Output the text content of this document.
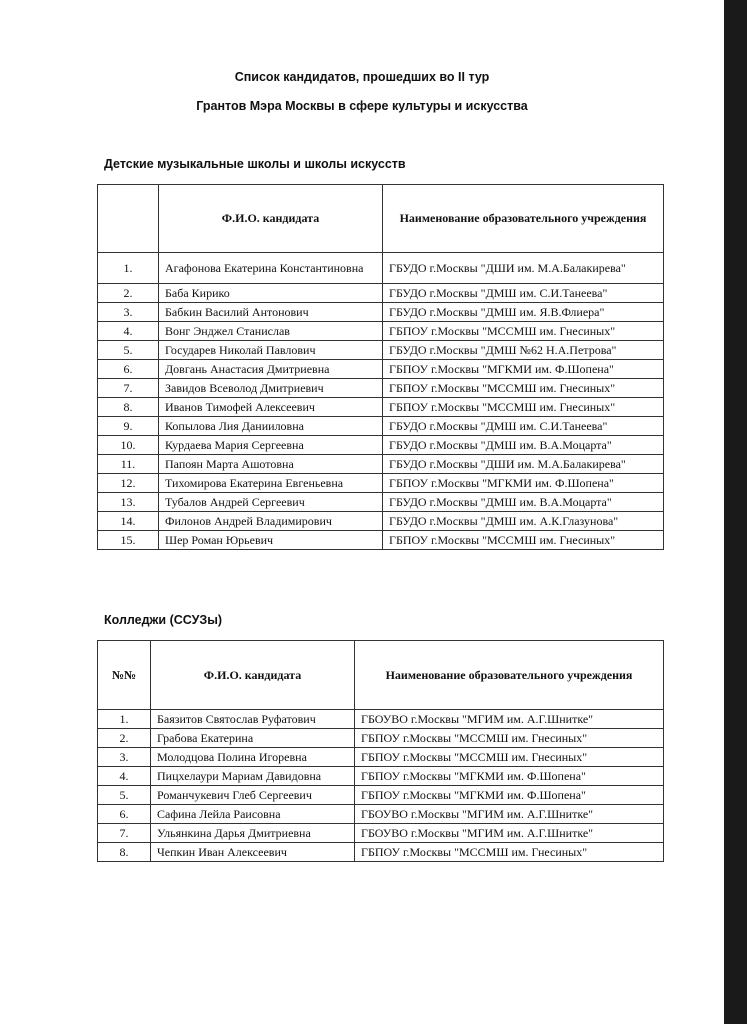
Список кандидатов, прошедших во II тур
Грантов Мэра Москвы в сфере культуры и искусства
Детские музыкальные школы и школы искусств
	Ф.И.О. кандидата	Наименование образовательного учреждения
1.	Агафонова Екатерина Константиновна	ГБУДО г.Москвы "ДШИ им. М.А.Балакирева"
2.	Баба Кирико	ГБУДО г.Москвы "ДМШ им. С.И.Танеева"
3.	Бабкин Василий Антонович	ГБУДО г.Москвы "ДМШ им. Я.В.Флиера"
4.	Вонг Энджел Станислав	ГБПОУ г.Москвы "МССМШ им. Гнесиных"
5.	Государев Николай Павлович	ГБУДО г.Москвы "ДМШ №62 Н.А.Петрова"
6.	Довгань Анастасия Дмитриевна	ГБПОУ г.Москвы "МГКМИ им. Ф.Шопена"
7.	Завидов Всеволод Дмитриевич	ГБПОУ г.Москвы "МССМШ им. Гнесиных"
8.	Иванов Тимофей Алексеевич	ГБПОУ г.Москвы "МССМШ им. Гнесиных"
9.	Копылова Лия Данииловна	ГБУДО г.Москвы "ДМШ им. С.И.Танеева"
10.	Курдаева Мария Сергеевна	ГБУДО г.Москвы "ДМШ им. В.А.Моцарта"
11.	Папоян Марта Ашотовна	ГБУДО г.Москвы "ДШИ им. М.А.Балакирева"
12.	Тихомирова Екатерина Евгеньевна	ГБПОУ г.Москвы "МГКМИ им. Ф.Шопена"
13.	Тубалов Андрей Сергеевич	ГБУДО г.Москвы "ДМШ им. В.А.Моцарта"
14.	Филонов Андрей Владимирович	ГБУДО г.Москвы "ДМШ им. А.К.Глазунова"
15.	Шер Роман Юрьевич	ГБПОУ г.Москвы "МССМШ им. Гнесиных"
Колледжи (ССУЗы)
№№	Ф.И.О. кандидата	Наименование образовательного учреждения
1.	Баязитов Святослав Руфатович	ГБОУВО г.Москвы "МГИМ им. А.Г.Шнитке"
2.	Грабова Екатерина	ГБПОУ г.Москвы "МССМШ им. Гнесиных"
3.	Молодцова Полина Игоревна	ГБПОУ г.Москвы "МССМШ им. Гнесиных"
4.	Пицхелаури Мариам Давидовна	ГБПОУ г.Москвы "МГКМИ им. Ф.Шопена"
5.	Романчукевич Глеб Сергеевич	ГБПОУ г.Москвы "МГКМИ им. Ф.Шопена"
6.	Сафина Лейла Раисовна	ГБОУВО г.Москвы "МГИМ им. А.Г.Шнитке"
7.	Ульянкина Дарья Дмитриевна	ГБОУВО г.Москвы "МГИМ им. А.Г.Шнитке"
8.	Чепкин Иван Алексеевич	ГБПОУ г.Москвы "МССМШ им. Гнесиных"
